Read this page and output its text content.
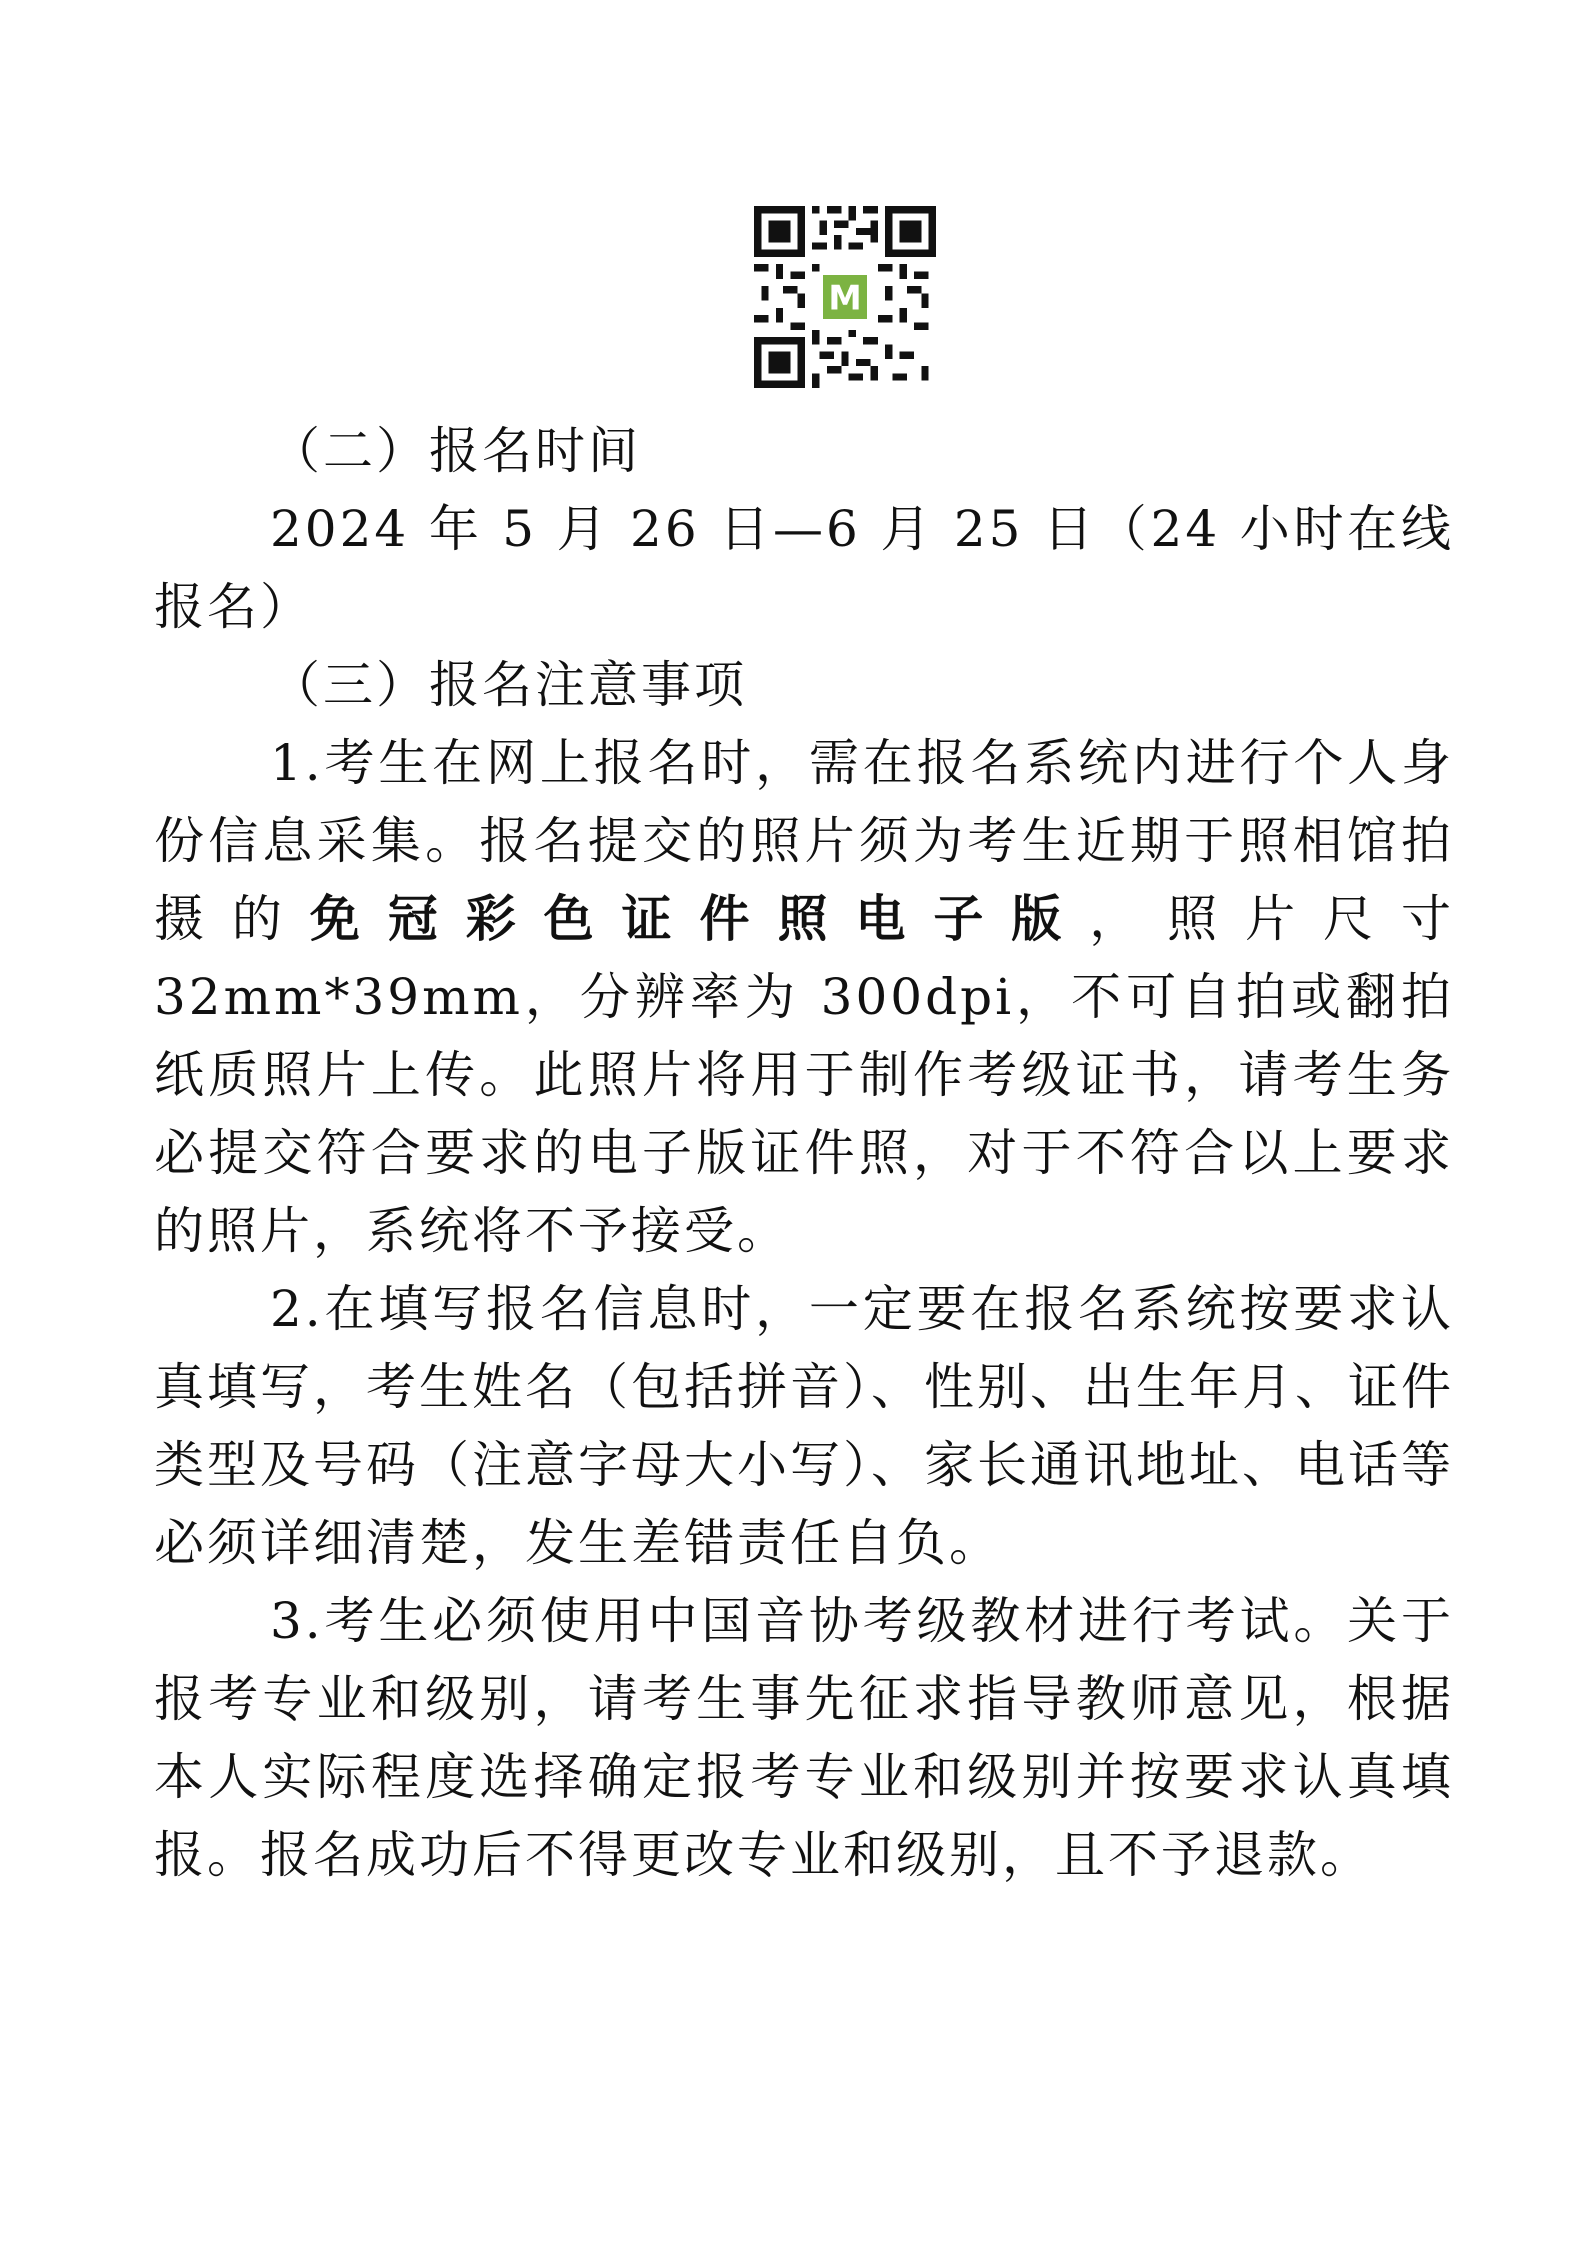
M

（二）报名时间

2024 年 5 月 26 日—6 月 25 日（24 小时在线报名）

（三）报名注意事项

1.考生在网上报名时，需在报名系统内进行个人身份信息采集。报名提交的照片须为考生近期于照相馆拍摄的免冠彩色证件照电子版，照片尺寸 32mm*39mm，分辨率为 300dpi，不可自拍或翻拍纸质照片上传。此照片将用于制作考级证书，请考生务必提交符合要求的电子版证件照，对于不符合以上要求的照片，系统将不予接受。

2.在填写报名信息时，一定要在报名系统按要求认真填写，考生姓名（包括拼音）、性别、出生年月、证件类型及号码（注意字母大小写）、家长通讯地址、电话等必须详细清楚，发生差错责任自负。

3.考生必须使用中国音协考级教材进行考试。关于报考专业和级别，请考生事先征求指导教师意见，根据本人实际程度选择确定报考专业和级别并按要求认真填报。报名成功后不得更改专业和级别，且不予退款。
